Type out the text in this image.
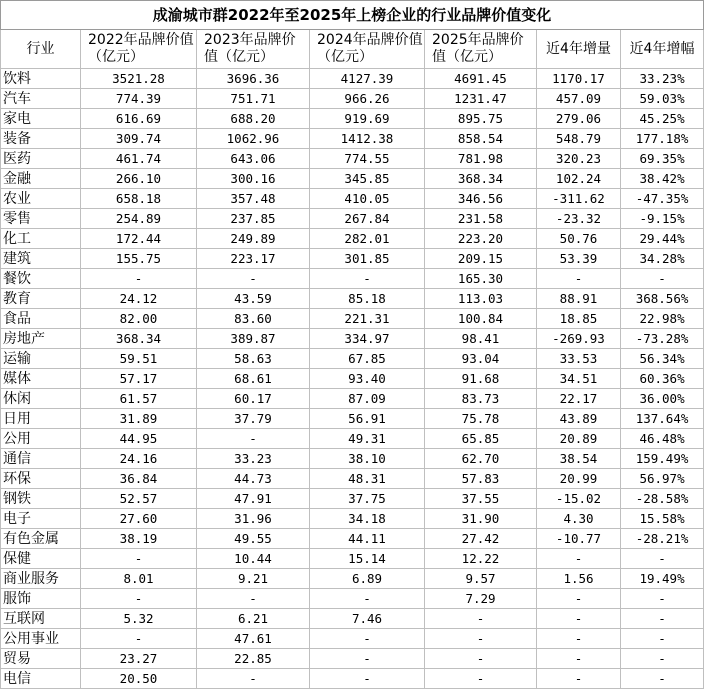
成渝城市群2022年至2025年上榜企业的行业品牌价值变化						
行业	2022年品牌价值（亿元）	2023年品牌价值（亿元）	2024年品牌价值（亿元）	2025年品牌价值（亿元）	近4年增量	近4年增幅
饮料	3521.28	3696.36	4127.39	4691.45	1170.17	33.23%
汽车	774.39	751.71	966.26	1231.47	457.09	59.03%
家电	616.69	688.20	919.69	895.75	279.06	45.25%
装备	309.74	1062.96	1412.38	858.54	548.79	177.18%
医药	461.74	643.06	774.55	781.98	320.23	69.35%
金融	266.10	300.16	345.85	368.34	102.24	38.42%
农业	658.18	357.48	410.05	346.56	-311.62	-47.35%
零售	254.89	237.85	267.84	231.58	-23.32	-9.15%
化工	172.44	249.89	282.01	223.20	50.76	29.44%
建筑	155.75	223.17	301.85	209.15	53.39	34.28%
餐饮	-	-	-	165.30	-	-
教育	24.12	43.59	85.18	113.03	88.91	368.56%
食品	82.00	83.60	221.31	100.84	18.85	22.98%
房地产	368.34	389.87	334.97	98.41	-269.93	-73.28%
运输	59.51	58.63	67.85	93.04	33.53	56.34%
媒体	57.17	68.61	93.40	91.68	34.51	60.36%
休闲	61.57	60.17	87.09	83.73	22.17	36.00%
日用	31.89	37.79	56.91	75.78	43.89	137.64%
公用	44.95	-	49.31	65.85	20.89	46.48%
通信	24.16	33.23	38.10	62.70	38.54	159.49%
环保	36.84	44.73	48.31	57.83	20.99	56.97%
钢铁	52.57	47.91	37.75	37.55	-15.02	-28.58%
电子	27.60	31.96	34.18	31.90	4.30	15.58%
有色金属	38.19	49.55	44.11	27.42	-10.77	-28.21%
保健	-	10.44	15.14	12.22	-	-
商业服务	8.01	9.21	6.89	9.57	1.56	19.49%
服饰	-	-	-	7.29	-	-
互联网	5.32	6.21	7.46	-	-	-
公用事业	-	47.61	-	-	-	-
贸易	23.27	22.85	-	-	-	-
电信	20.50	-	-	-	-	-
